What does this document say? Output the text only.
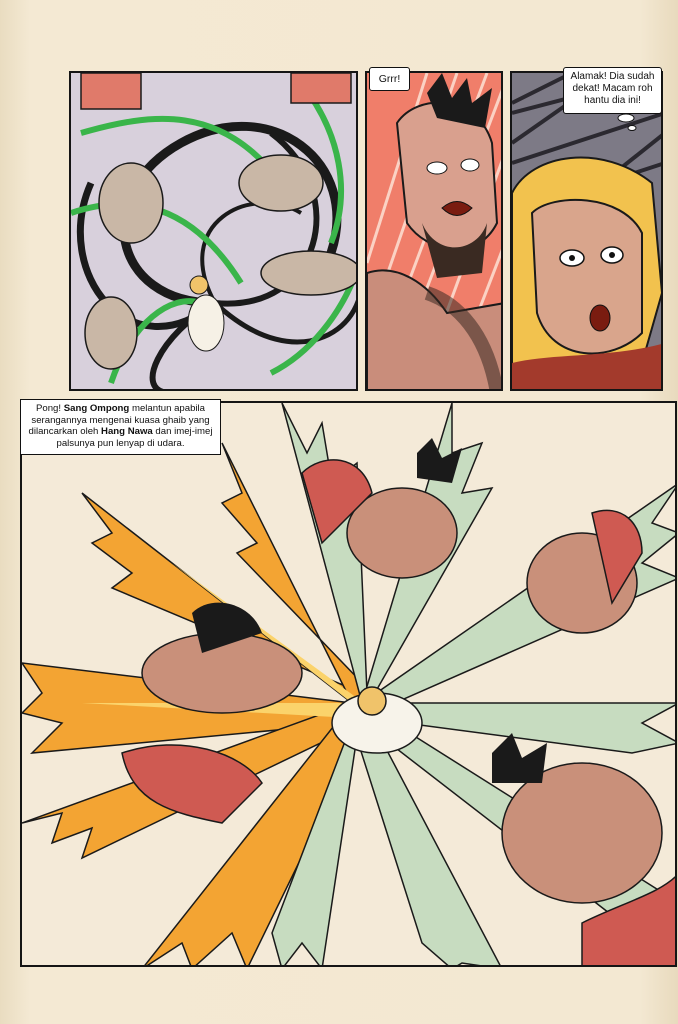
Grrr!	Alamak! Dia sudah
dekat! Macam roh
hantu dia ini!
Pong! Sang Ompong melantun apabila serangannya mengenai kuasa ghaib yang dilancarkan oleh Hang Nawa dan imej-imej palsunya pun lenyap di udara.
